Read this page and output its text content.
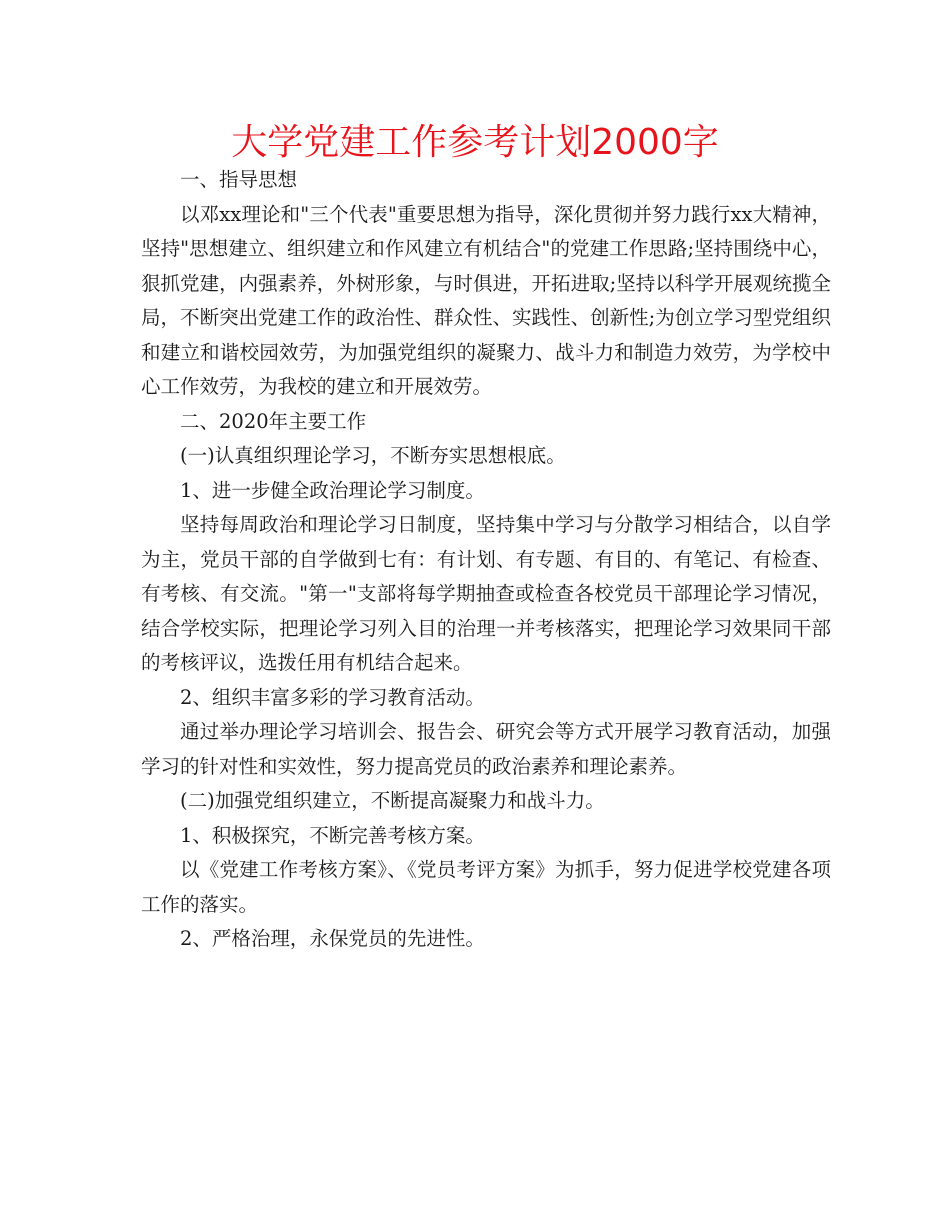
大学党建工作参考计划2000字

一、指导思想

以邓xx理论和"三个代表"重要思想为指导，深化贯彻并努力践行xx大精神，坚持"思想建立、组织建立和作风建立有机结合"的党建工作思路;坚持围绕中心，狠抓党建，内强素养，外树形象，与时俱进，开拓进取;坚持以科学开展观统揽全局，不断突出党建工作的政治性、群众性、实践性、创新性;为创立学习型党组织和建立和谐校园效劳，为加强党组织的凝聚力、战斗力和制造力效劳，为学校中心工作效劳，为我校的建立和开展效劳。

二、2020年主要工作

(一)认真组织理论学习，不断夯实思想根底。

1、进一步健全政治理论学习制度。

坚持每周政治和理论学习日制度，坚持集中学习与分散学习相结合，以自学为主，党员干部的自学做到七有：有计划、有专题、有目的、有笔记、有检查、有考核、有交流。"第一"支部将每学期抽查或检查各校党员干部理论学习情况，结合学校实际，把理论学习列入目的治理一并考核落实，把理论学习效果同干部的考核评议，选拨任用有机结合起来。

2、组织丰富多彩的学习教育活动。

通过举办理论学习培训会、报告会、研究会等方式开展学习教育活动，加强学习的针对性和实效性，努力提高党员的政治素养和理论素养。

(二)加强党组织建立，不断提高凝聚力和战斗力。

1、积极探究，不断完善考核方案。

以《党建工作考核方案》、《党员考评方案》为抓手，努力促进学校党建各项工作的落实。

2、严格治理，永保党员的先进性。
